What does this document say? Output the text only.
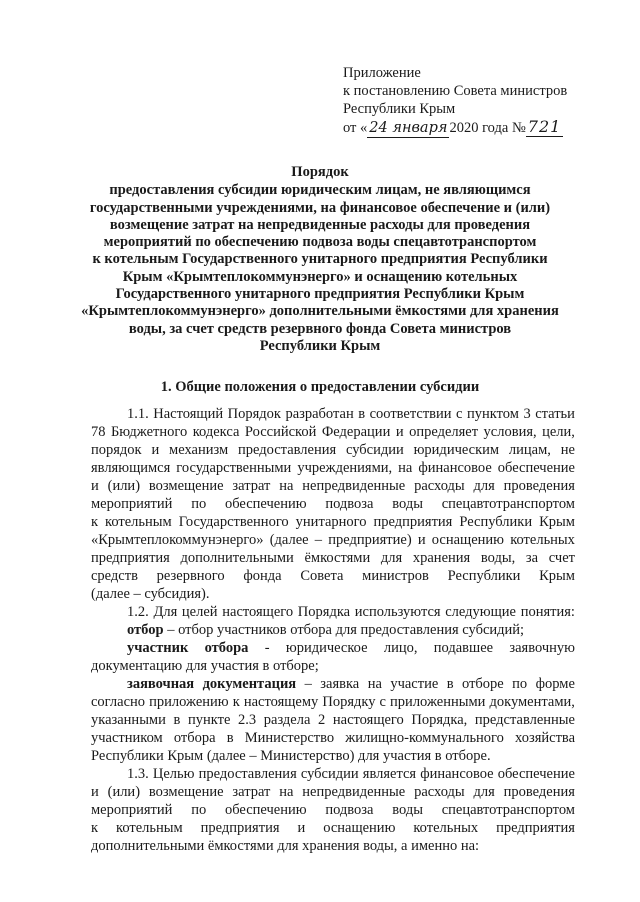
Приложение
к постановлению Совета министров
Республики Крым
от « 24 января 2020 года № 721
Порядок
предоставления субсидии юридическим лицам, не являющимся
государственными учреждениями, на финансовое обеспечение и (или)
возмещение затрат на непредвиденные расходы для проведения
мероприятий по обеспечению подвоза воды спецавтотранспортом
к котельным Государственного унитарного предприятия Республики
Крым «Крымтеплокоммунэнерго» и оснащению котельных
Государственного унитарного предприятия Республики Крым
«Крымтеплокоммунэнерго» дополнительными ёмкостями для хранения
воды, за счет средств резервного фонда Совета министров
Республики Крым
1. Общие положения о предоставлении субсидии
1.1. Настоящий Порядок разработан в соответствии с пунктом 3 статьи
78 Бюджетного кодекса Российской Федерации и определяет условия, цели,
порядок и механизм предоставления субсидии юридическим лицам, не
являющимся государственными учреждениями, на финансовое обеспечение
и (или) возмещение затрат на непредвиденные расходы для проведения
мероприятий по обеспечению подвоза воды спецавтотранспортом
к котельным Государственного унитарного предприятия Республики Крым
«Крымтеплокоммунэнерго» (далее – предприятие) и оснащению котельных
предприятия дополнительными ёмкостями для хранения воды, за счет
средств резервного фонда Совета министров Республики Крым
(далее – субсидия).
1.2. Для целей настоящего Порядка используются следующие понятия:
отбор – отбор участников отбора для предоставления субсидий;
участник отбора - юридическое лицо, подавшее заявочную
документацию для участия в отборе;
заявочная документация – заявка на участие в отборе по форме
согласно приложению к настоящему Порядку с приложенными документами,
указанными в пункте 2.3 раздела 2 настоящего Порядка, представленные
участником отбора в Министерство жилищно-коммунального хозяйства
Республики Крым (далее – Министерство) для участия в отборе.
1.3. Целью предоставления субсидии является финансовое обеспечение
и (или) возмещение затрат на непредвиденные расходы для проведения
мероприятий по обеспечению подвоза воды спецавтотранспортом
к котельным предприятия и оснащению котельных предприятия
дополнительными ёмкостями для хранения воды, а именно на:
